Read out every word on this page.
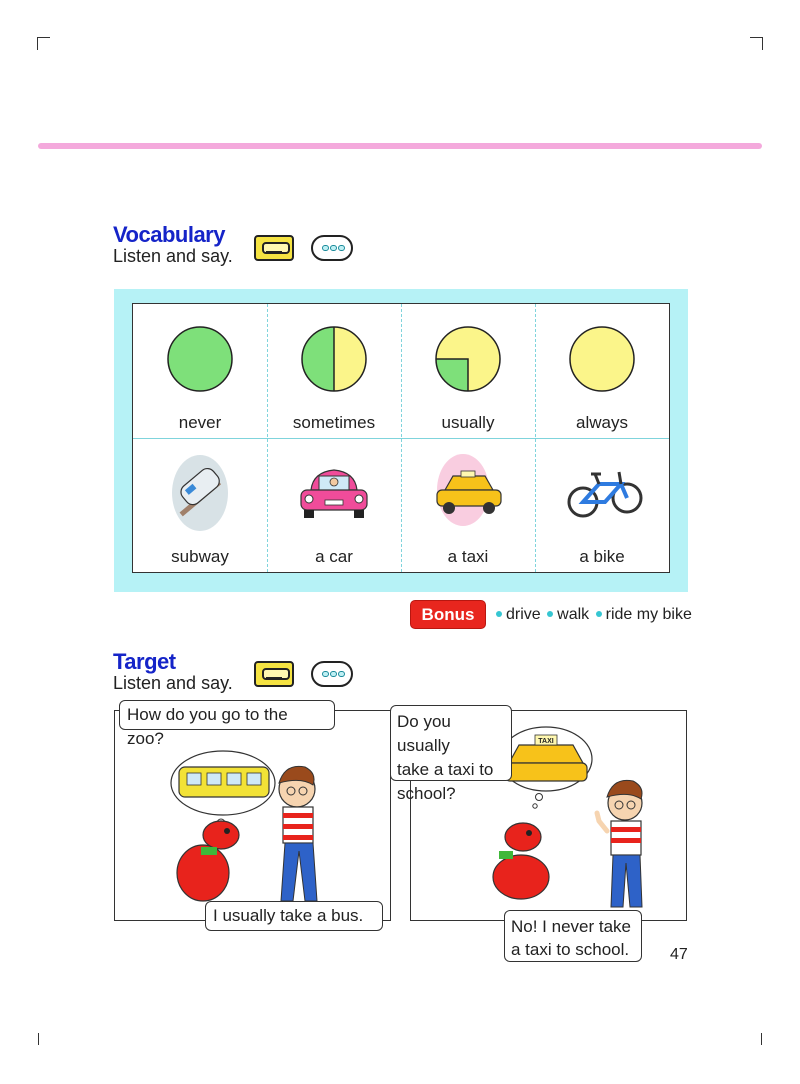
Vocabulary
Listen and say.
never	sometimes	usually	always
subway	a car	a taxi	a bike
Bonus	drive walk ride my bike
Target
Listen and say.
How do you go to the zoo?
I usually take a bus.
TAXI
Do you usually
take a taxi to
school?
No! I never take
a taxi to school.	47
